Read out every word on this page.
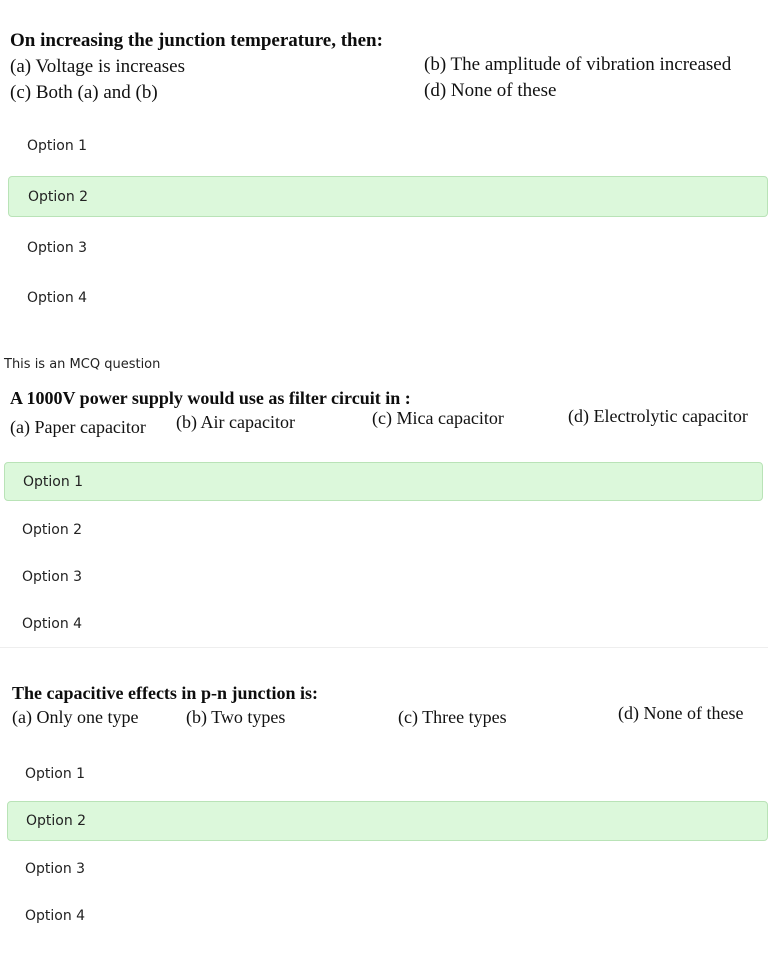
On increasing the junction temperature, then:
(a) Voltage is increases	(b) The amplitude of vibration increased
(c) Both (a) and (b)	(d) None of these
Option 1
Option 2
Option 3
Option 4
This is an MCQ question
A 1000V power supply would use as filter circuit in :
(a) Paper capacitor (b) Air capacitor	(c) Mica capacitor	(d) Electrolytic capacitor
Option 1
Option 2
Option 3
Option 4
The capacitive effects in p-n junction is:
(a) Only one type	(b) Two types	(c) Three types	(d) None of these
Option 1
Option 2
Option 3
Option 4
